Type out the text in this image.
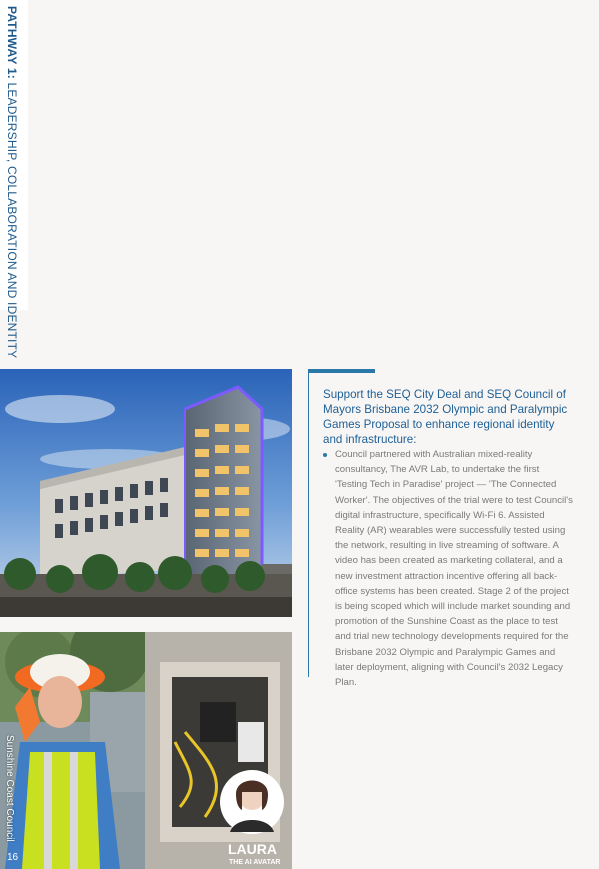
PATHWAY 1: LEADERSHIP, COLLABORATION AND IDENTITY
LAURA
THE AI AVATAR
Sunshine Coast Council
16
Support the SEQ City Deal and SEQ Council of Mayors Brisbane 2032 Olympic and Paralympic Games Proposal to enhance regional identity and infrastructure:
Council partnered with Australian mixed-reality consultancy, The AVR Lab, to undertake the first 'Testing Tech in Paradise' project — 'The Connected Worker'. The objectives of the trial were to test Council's digital infrastructure, specifically Wi-Fi 6. Assisted Reality (AR) wearables were successfully tested using the network, resulting in live streaming of software. A video has been created as marketing collateral, and a new investment attraction incentive offering all back-office systems has been created. Stage 2 of the project is being scoped which will include market sounding and promotion of the Sunshine Coast as the place to test and trial new technology developments required for the Brisbane 2032 Olympic and Paralympic Games and later deployment, aligning with Council's 2032 Legacy Plan.
